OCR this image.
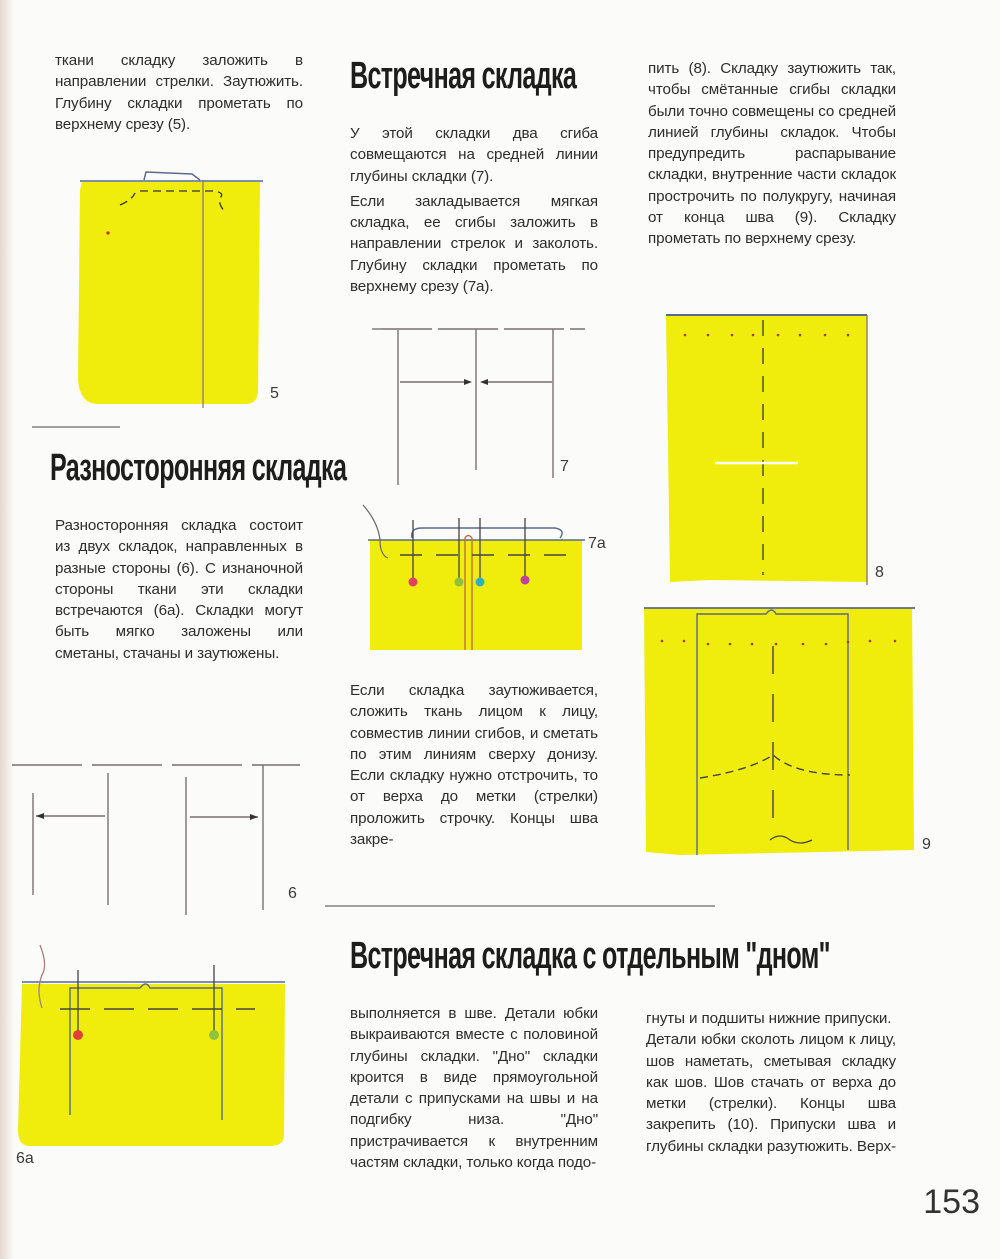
ткани складку заложить в направлении стрелки. Заутюжить. Глубину складки прометать по верхнему срезу (5).

5
Разносторонняя складка

Разносторонняя складка состоит из двух складок, направленных в разные стороны (6). С изнаночной стороны ткани эти складки встречаются (6а). Складки могут быть мягко заложены или сметаны, стачаны и заутюжены.

6
6а
Встречная складка

У этой складки два сгиба совмещаются на средней линии глубины складки (7).

Если закладывается мягкая складка, ее сгибы заложить в направлении стрелок и заколоть. Глубину складки прометать по верхнему срезу (7а).

7
7а

Если складка заутюживается, сложить ткань лицом к лицу, совместив линии сгибов, и сметать по этим линиям сверху донизу. Если складку нужно отстрочить, то от верха до метки (стрелки) проложить строчку. Концы шва закре-

пить (8). Складку заутюжить так, чтобы смётанные сгибы складки были точно совмещены со средней линией глубины складок. Чтобы предупредить распарывание складки, внутренние части складок прострочить по полукругу, начиная от конца шва (9). Складку прометать по верхнему срезу.

8
9
Встречная складка с отдельным "дном"

выполняется в шве. Детали юбки выкраиваются вместе с половиной глубины складки. "Дно" складки кроится в виде прямоугольной детали с припусками на швы и на подгибку низа. "Дно" пристрачивается к внутренним частям складки, только когда подо-

гнуты и подшиты нижние припуски.

Детали юбки сколоть лицом к лицу, шов наметать, сметывая складку как шов. Шов стачать от верха до метки (стрелки). Концы шва закрепить (10). Припуски шва и глубины складки разутюжить. Верх-

153
